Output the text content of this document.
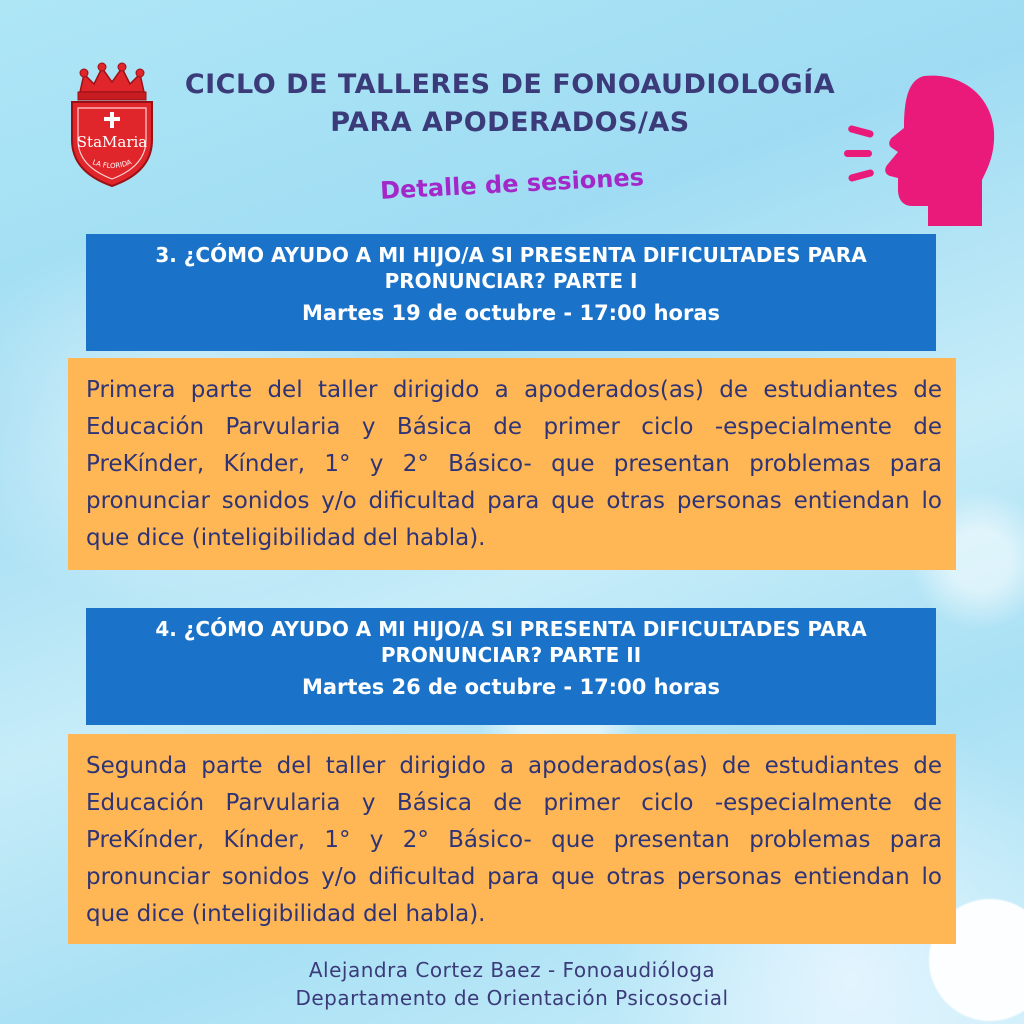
StaMaria
LA FLORIDA
CICLO DE TALLERES DE FONOAUDIOLOGÍA
PARA APODERADOS/AS
Detalle de sesiones
3. ¿CÓMO AYUDO A MI HIJO/A SI PRESENTA DIFICULTADES PARA
PRONUNCIAR? PARTE I
Martes 19 de octubre - 17:00 horas
Primera parte del taller dirigido a apoderados(as) de estudiantes de Educación Parvularia y Básica de primer ciclo -especialmente de PreKínder, Kínder, 1° y 2° Básico- que presentan problemas para pronunciar sonidos y/o dificultad para que otras personas entiendan lo que dice (inteligibilidad del habla).
4. ¿CÓMO AYUDO A MI HIJO/A SI PRESENTA DIFICULTADES PARA
PRONUNCIAR? PARTE II
Martes 26 de octubre - 17:00 horas
Segunda parte del taller dirigido a apoderados(as) de estudiantes de Educación Parvularia y Básica de primer ciclo -especialmente de PreKínder, Kínder, 1° y 2° Básico- que presentan problemas para pronunciar sonidos y/o dificultad para que otras personas entiendan lo que dice (inteligibilidad del habla).
Alejandra Cortez Baez - Fonoaudióloga
Departamento de Orientación Psicosocial
